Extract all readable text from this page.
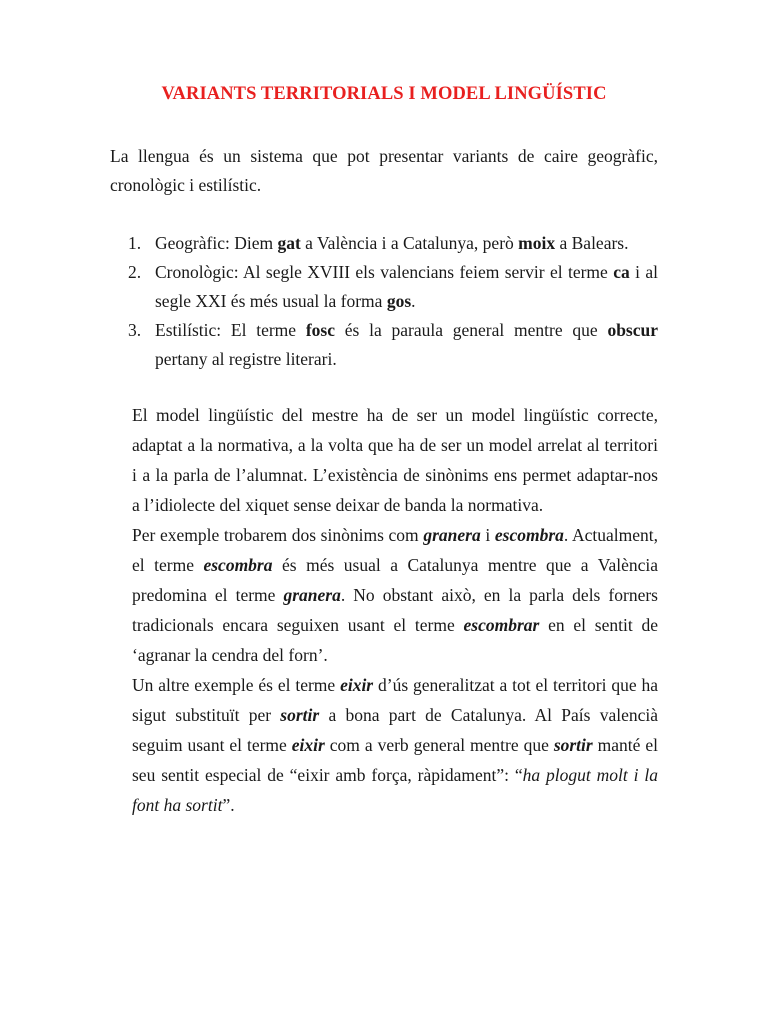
VARIANTS TERRITORIALS I MODEL LINGÜÍSTIC
La llengua és un sistema que pot presentar variants de caire geogràfic, cronològic i estilístic.
1. Geogràfic: Diem gat a València i a Catalunya, però moix a Balears.
2. Cronològic: Al segle XVIII els valencians feiem servir el terme ca i al segle XXI és més usual la forma gos.
3. Estilístic: El terme fosc és la paraula general mentre que obscur pertany al registre literari.
El model lingüístic del mestre ha de ser un model lingüístic correcte, adaptat a la normativa, a la volta que ha de ser un model arrelat al territori i a la parla de l’alumnat. L’existència de sinònims ens permet adaptar-nos a l’idiolecte del xiquet sense deixar de banda la normativa.
Per exemple trobarem dos sinònims com granera i escombra. Actualment, el terme escombra és més usual a Catalunya mentre que a València predomina el terme granera. No obstant això, en la parla dels forners tradicionals encara seguixen usant el terme escombrar en el sentit de ‘agranar la cendra del forn’.
Un altre exemple és el terme eixir d’ús generalitzat a tot el territori que ha sigut substituït per sortir a bona part de Catalunya. Al País valencià seguim usant el terme eixir com a verb general mentre que sortir manté el seu sentit especial de “eixir amb força, ràpidament”: “ha plogut molt i la font ha sortit”.
